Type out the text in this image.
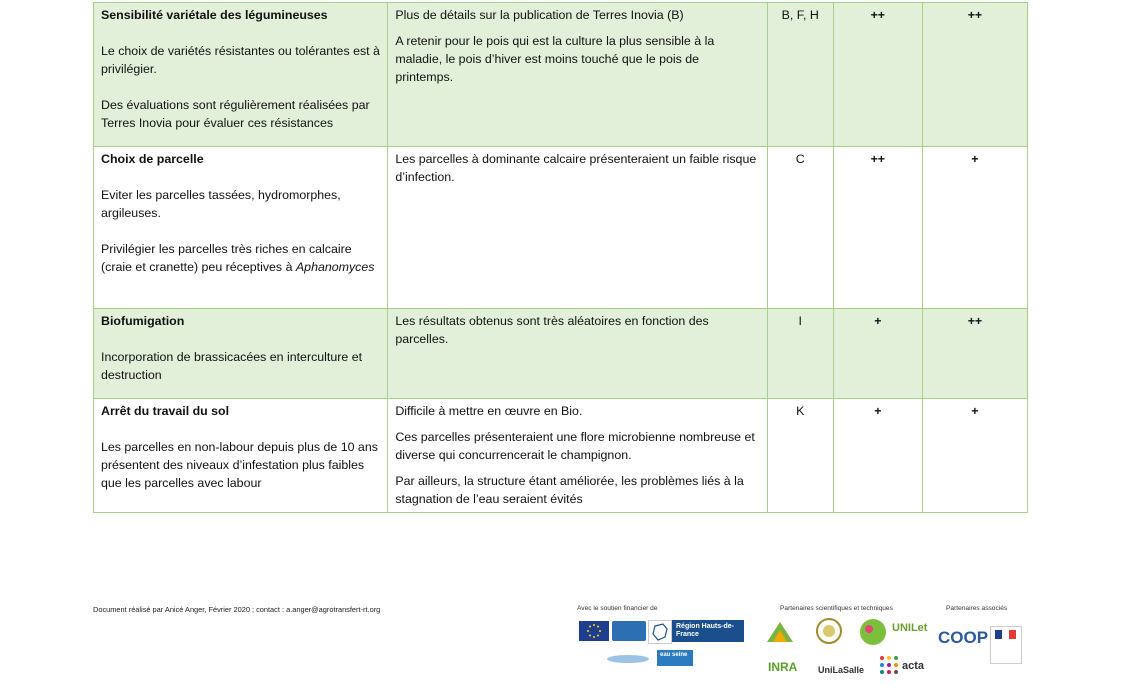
Sensibilité variétale des légumineuses
Le choix de variétés résistantes ou tolérantes est à privilégier.
Des évaluations sont régulièrement réalisées par Terres Inovia pour évaluer ces résistances	Plus de détails sur la publication de Terres Inovia (B)
A retenir pour le pois qui est la culture la plus sensible à la maladie, le pois d’hiver est moins touché que le pois de printemps.	B, F, H	++	++

Choix de parcelle
Eviter les parcelles tassées, hydromorphes, argileuses.
Privilégier les parcelles très riches en calcaire (craie et cranette) peu réceptives à Aphanomyces	Les parcelles à dominante calcaire présenteraient un faible risque d’infection.	C	++	+

Biofumigation
Incorporation de brassicacées en interculture et destruction	Les résultats obtenus sont très aléatoires en fonction des parcelles.	I	+	++

Arrêt du travail du sol
Les parcelles en non-labour depuis plus de 10 ans présentent des niveaux d’infestation plus faibles que les parcelles avec labour	Difficile à mettre en œuvre en Bio.
Ces parcelles présenteraient une flore microbienne nombreuse et diverse qui concurrencerait le champignon.
Par ailleurs, la structure étant améliorée, les problèmes liés à la stagnation de l’eau seraient évités	K	+	+
Document réalisé par Anicé Anger, Février 2020 ; contact : a.anger@agrotransfert-rt.org	Avec le soutien financier de	Partenaires scientifiques et techniques	Partenaires associés
Région Hauts-de-France
eau seine
UNILet
INRA	UniLaSalle	acta
COOP
